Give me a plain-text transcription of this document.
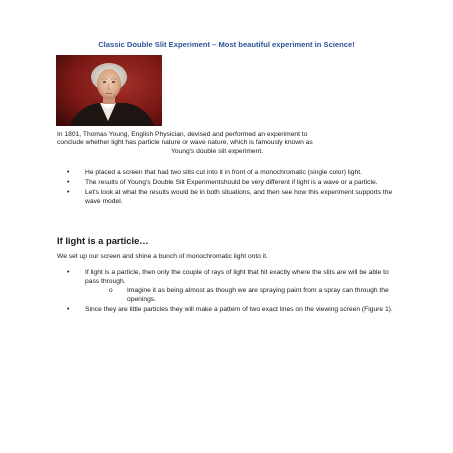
Classic Double Slit Experiment – Most beautiful experiment in Science!

In 1801, Thomas Young, English Physician, devised and performed an experiment to
conclude whether light has particle nature or wave nature, which is famously known as
Young's double slit experiment.

• He placed a screen that had two slits cut into it in front of a monochromatic (single color) light.
• The results of Young's Double Slit Experimentshould be very different if light is a wave or a particle.
• Let's look at what the results would be in both situations, and then see how this experiment supports the wave model.
If light is a particle…

We set up our screen and shine a bunch of monochromatic light onto it.

• If light is a particle, then only the couple of rays of light that hit exactly where the slits are will be able to pass through.
o Imagine it as being almost as though we are spraying paint from a spray can through the openings.
• Since they are little particles they will make a pattern of two exact lines on the viewing screen (Figure 1).
